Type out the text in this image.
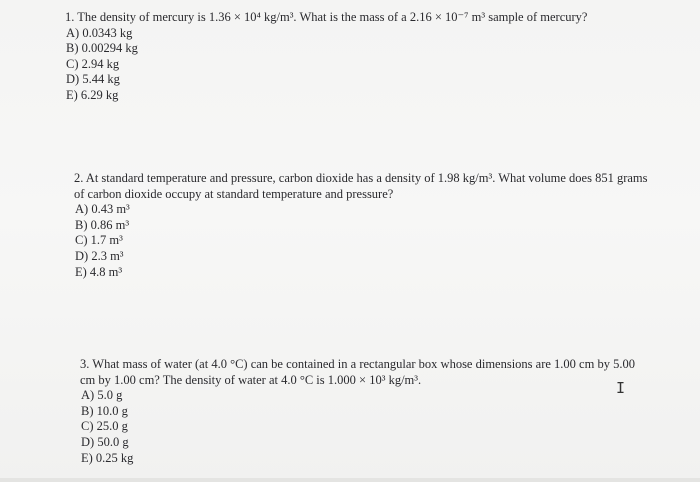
1. The density of mercury is 1.36 × 10⁴ kg/m³. What is the mass of a 2.16 × 10⁻⁷ m³ sample of mercury?
A) 0.0343 kg
B) 0.00294 kg
C) 2.94 kg
D) 5.44 kg
E) 6.29 kg
2. At standard temperature and pressure, carbon dioxide has a density of 1.98 kg/m³. What volume does 851 grams of carbon dioxide occupy at standard temperature and pressure?
A) 0.43 m³
B) 0.86 m³
C) 1.7 m³
D) 2.3 m³
E) 4.8 m³
3. What mass of water (at 4.0 °C) can be contained in a rectangular box whose dimensions are 1.00 cm by 5.00 cm by 1.00 cm? The density of water at 4.0 °C is 1.000 × 10³ kg/m³.
A) 5.0 g
B) 10.0 g
C) 25.0 g
D) 50.0 g
E) 0.25 kg
I
